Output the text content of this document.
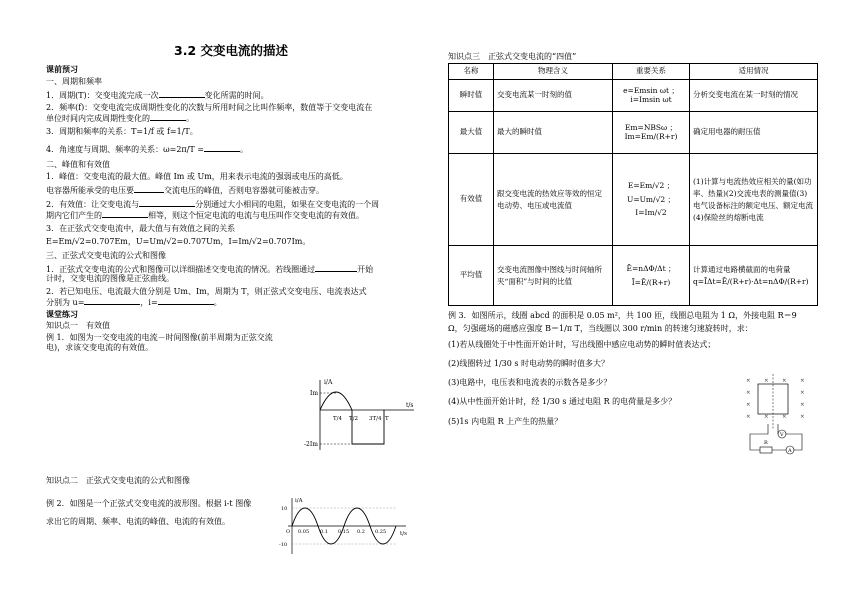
3.2 交变电流的描述
课前预习

一、周期和频率

1．周期(T)：交变电流完成一次	变化所需的时间。

2．频率(f)：交变电流完成周期性变化的次数与所用时间之比叫作频率，数值等于交变电流在
单位时间内完成周期性变化的	。

3．周期和频率的关系：T=1/f 或 f=1/T。

4．角速度与周期、频率的关系：ω=2π/T =	。

二、峰值和有效值

1．峰值：交变电流的最大值。峰值 Im 或 Um，用来表示电流的强弱或电压的高低。

电容器所能承受的电压要	交流电压的峰值，否则电容器就可能被击穿。

2．有效值：让交变电流与	分别通过大小相同的电阻，如果在交变电流的一个周
期内它们产生的	相等，则这个恒定电流的电流与电压叫作交变电流的有效值。

3．在正弦式交变电流中，最大值与有效值之间的关系

E=Em/√2=0.707Em，U=Um/√2=0.707Um，I=Im/√2=0.707Im。

三、正弦式交变电流的公式和图像

1．正弦式交变电流的公式和图像可以详细描述交变电流的情况。若线圈通过	开始
计时，交变电流的图像是正弦曲线。

2．若已知电压、电流最大值分别是 Um、Im，周期为 T，则正弦式交变电压、电流表达式
分别为 u=	，i=	。

课堂练习

知识点一　有效值

例 1．如图为一交变电流的电流－时间图像(前半周期为正弦交流
电)，求该交变电流的有效值。

i/A
t/s
Im
-2Im
T/4 T/2 3T/4 T

知识点二　正弦式交变电流的公式和图像

例 2．如图是一个正弦式交变电流的波形图。根据 i-t 图像
求出它的周期、频率、电流的峰值、电流的有效值。

i/A
t/s
10
-10
O 0.05 0.1 0.15 0.2 0.25

知识点三　正弦式交变电流的“四值”

名称	物理含义	重要关系	适用情况
瞬时值	交变电流某一时刻的值	e=Emsin ωt ； i=Imsin ωt	分析交变电流在某一时刻的情况
最大值	最大的瞬时值	Em=NBSω ； Im=Em/(R+r)	确定用电器的耐压值
有效值	跟交变电流的热效应等效的恒定电动势、电压或电流值	E=Em/√2 ； U=Um/√2 ； I=Im/√2	(1)计算与电流热效应相关的量(如功率、热量)(2)交流电表的测量值(3)电气设备标注的额定电压、额定电流(4)保险丝的熔断电流
平均值	交变电流图像中图线与时间轴所夹“面积”与时间的比值	Ē=nΔΦ/Δt ； Ī=Ē/(R+r)	计算通过电路横截面的电荷量 q=ĪΔt=Ē/(R+r)·Δt=nΔΦ/(R+r)

例 3．如图所示，线圈 abcd 的面积是 0.05 m²，共 100 匝，线圈总电阻为 1 Ω，外接电阻 R＝9
Ω，匀强磁场的磁感应强度 B＝1/π T，当线圈以 300 r/min 的转速匀速旋转时，求：

(1)若从线圈处于中性面开始计时，写出线圈中感应电动势的瞬时值表达式；

(2)线圈转过 1/30 s 时电动势的瞬时值多大？

(3)电路中，电压表和电流表的示数各是多少？

(4)从中性面开始计时，经 1/30 s 通过电阻 R 的电荷量是多少？

(5)1s 内电阻 R 上产生的热量？

× × × ×
×	×
×	×
× × × ×
V
A
R
